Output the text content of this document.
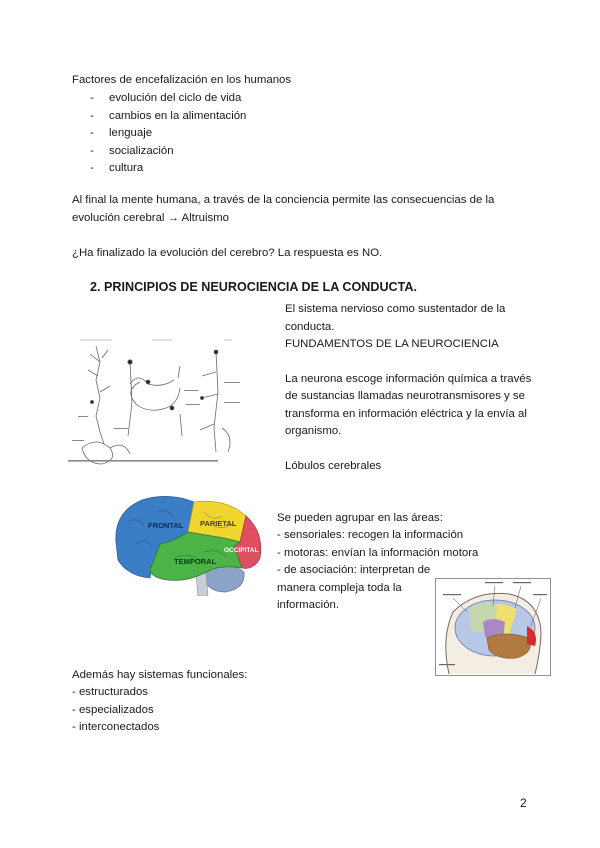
Factores de encefalización en los humanos
- evolución del ciclo de vida
- cambios en la alimentación
- lenguaje
- socialización
- cultura
Al final la mente humana, a través de la conciencia permite las consecuencias de la
evolución cerebral → Altruismo
¿Ha finalizado la evolución del cerebro? La respuesta es NO.
2. PRINCIPIOS DE NEUROCIENCIA DE LA CONDUCTA.
El sistema nervioso como sustentador de la
conducta.
FUNDAMENTOS DE LA NEUROCIENCIA
La neurona escoge información química a través
de sustancias llamadas neurotransmisores y se
transforma en información eléctrica y la envía al
organismo.
Lóbulos cerebrales
Se pueden agrupar en las áreas:
- sensoriales: recogen la información
- motoras: envían la información motora
- de asociación: interpretan de
manera compleja toda la
información.
FRONTAL PARIETAL
OCCIPITAL
TEMPORAL
Además hay sistemas funcionales:
- estructurados
- especializados
- interconectados
2
